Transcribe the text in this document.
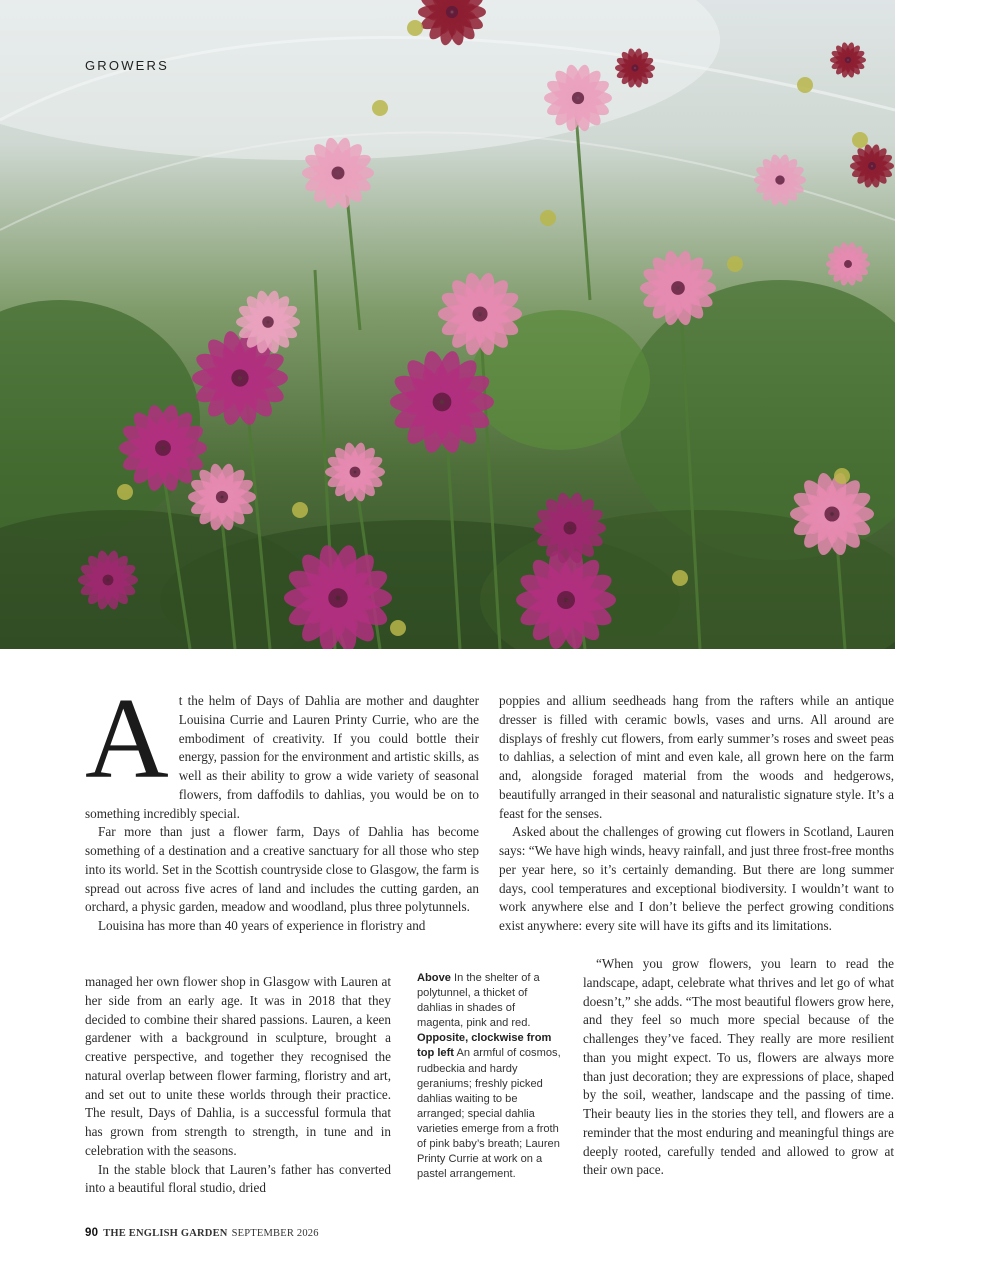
GROWERS
A t the helm of Days of Dahlia are mother and daughter Louisina Currie and Lauren Printy Currie, who are the embodiment of creativity. If you could bottle their energy, passion for the environment and artistic skills, as well as their ability to grow a wide variety of seasonal flowers, from daffodils to dahlias, you would be on to something incredibly special.

Far more than just a flower farm, Days of Dahlia has become something of a destination and a creative sanctuary for all those who step into its world. Set in the Scottish countryside close to Glasgow, the farm is spread out across five acres of land and includes the cutting garden, an orchard, a physic garden, meadow and woodland, plus three polytunnels.

Louisina has more than 40 years of experience in floristry and

managed her own flower shop in Glasgow with Lauren at her side from an early age. It was in 2018 that they decided to combine their shared passions. Lauren, a keen gardener with a background in sculpture, brought a creative perspective, and together they recognised the natural overlap between flower farming, floristry and art, and set out to unite these worlds through their practice. The result, Days of Dahlia, is a successful formula that has grown from strength to strength, in tune and in celebration with the seasons.

In the stable block that Lauren’s father has converted into a beautiful floral studio, dried

Above In the shelter of a polytunnel, a thicket of dahlias in shades of magenta, pink and red. Opposite, clockwise from top left An armful of cosmos, rudbeckia and hardy geraniums; freshly picked dahlias waiting to be arranged; special dahlia varieties emerge from a froth of pink baby’s breath; Lauren Printy Currie at work on a pastel arrangement.

poppies and allium seedheads hang from the rafters while an antique dresser is filled with ceramic bowls, vases and urns. All around are displays of freshly cut flowers, from early summer’s roses and sweet peas to dahlias, a selection of mint and even kale, all grown here on the farm and, alongside foraged material from the woods and hedgerows, beautifully arranged in their seasonal and naturalistic signature style. It’s a feast for the senses.

Asked about the challenges of growing cut flowers in Scotland, Lauren says: “We have high winds, heavy rainfall, and just three frost-free months per year here, so it’s certainly demanding. But there are long summer days, cool temperatures and exceptional biodiversity. I wouldn’t want to work anywhere else and I don’t believe the perfect growing conditions exist anywhere: every site will have its gifts and its limitations.

“When you grow flowers, you learn to read the landscape, adapt, celebrate what thrives and let go of what doesn’t,” she adds. “The most beautiful flowers grow here, and they feel so much more special because of the challenges they’ve faced. They really are more resilient than you might expect. To us, flowers are always more than just decoration; they are expressions of place, shaped by the soil, weather, landscape and the passing of time. Their beauty lies in the stories they tell, and flowers are a reminder that the most enduring and meaningful things are deeply rooted, carefully tended and allowed to grow at their own pace.

90 THE ENGLISH GARDEN SEPTEMBER 2026
